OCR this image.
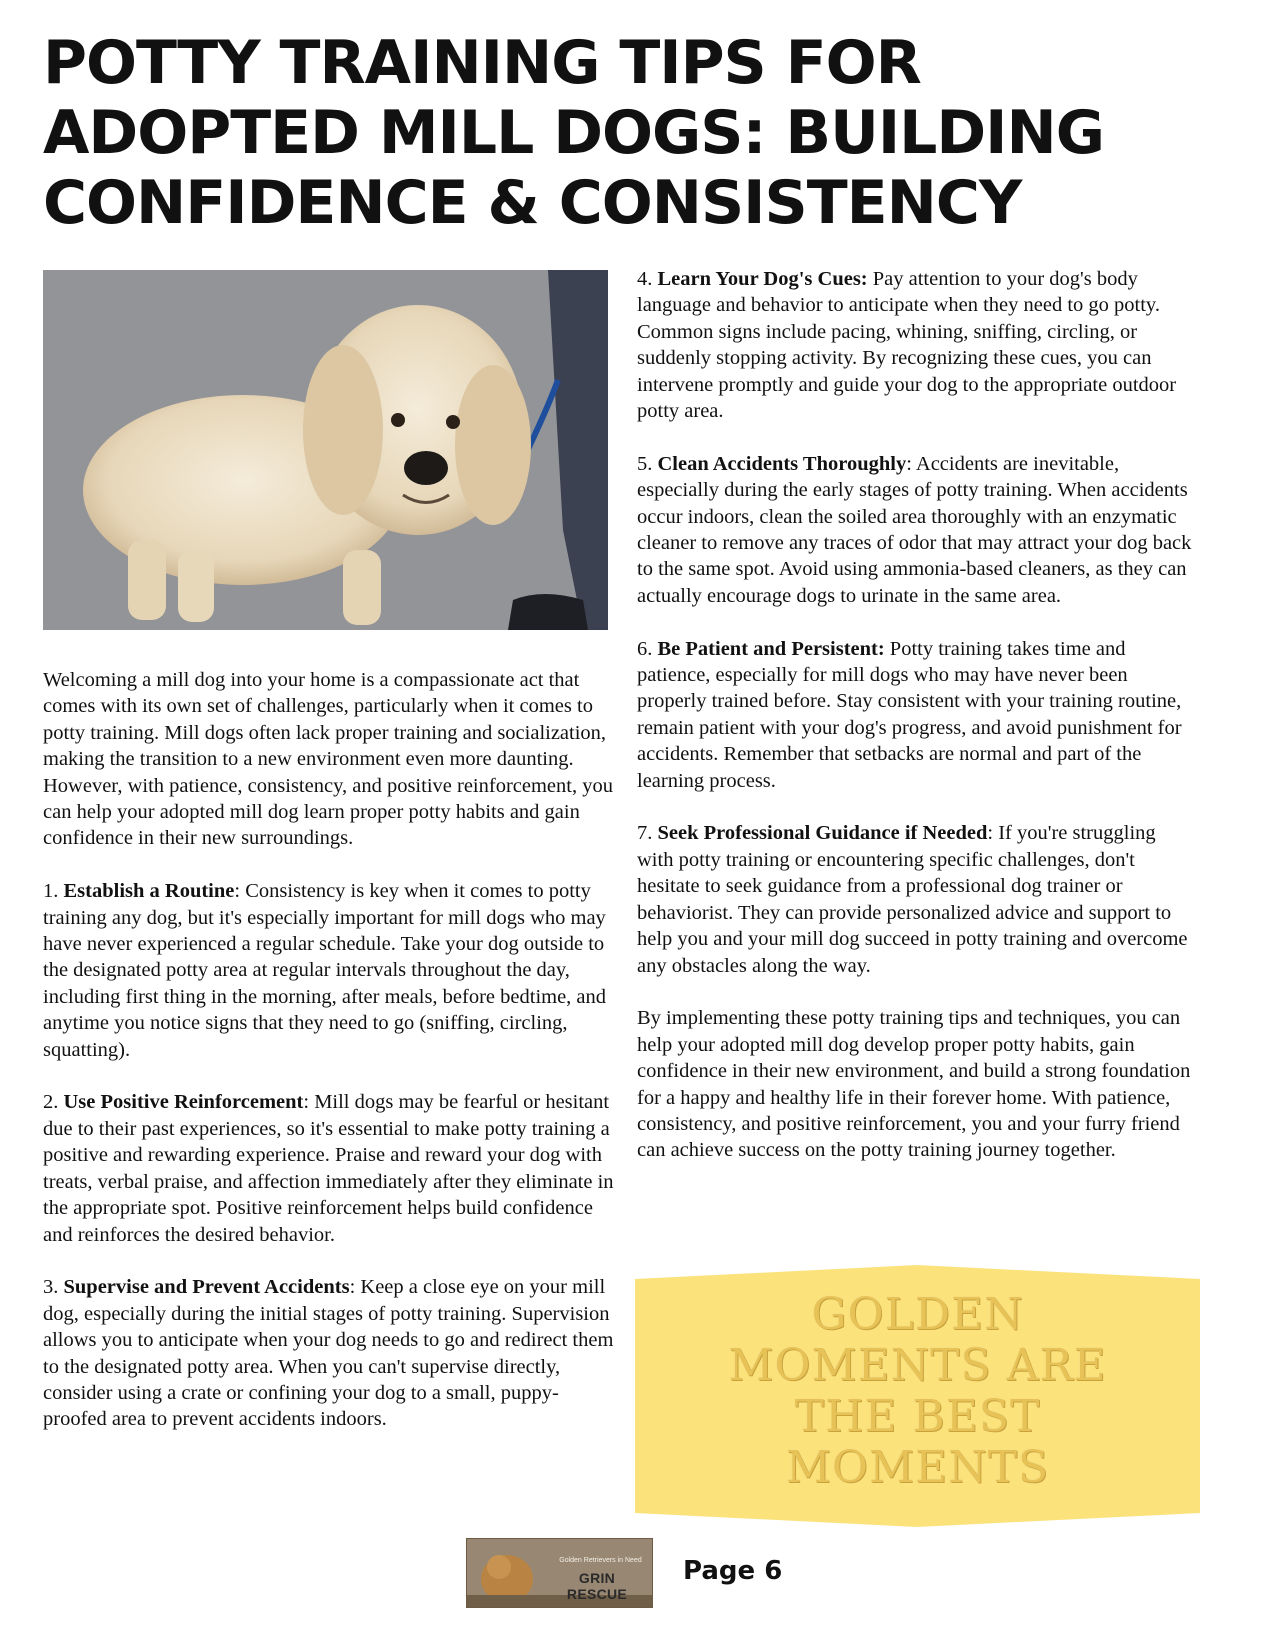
POTTY TRAINING TIPS FOR ADOPTED MILL DOGS: BUILDING CONFIDENCE & CONSISTENCY

Welcoming a mill dog into your home is a compassionate act that comes with its own set of challenges, particularly when it comes to potty training. Mill dogs often lack proper training and socialization, making the transition to a new environment even more daunting. However, with patience, consistency, and positive reinforcement, you can help your adopted mill dog learn proper potty habits and gain confidence in their new surroundings.

1. Establish a Routine: Consistency is key when it comes to potty training any dog, but it's especially important for mill dogs who may have never experienced a regular schedule. Take your dog outside to the designated potty area at regular intervals throughout the day, including first thing in the morning, after meals, before bedtime, and anytime you notice signs that they need to go (sniffing, circling, squatting).

2. Use Positive Reinforcement: Mill dogs may be fearful or hesitant due to their past experiences, so it's essential to make potty training a positive and rewarding experience. Praise and reward your dog with treats, verbal praise, and affection immediately after they eliminate in the appropriate spot. Positive reinforcement helps build confidence and reinforces the desired behavior.

3. Supervise and Prevent Accidents: Keep a close eye on your mill dog, especially during the initial stages of potty training. Supervision allows you to anticipate when your dog needs to go and redirect them to the designated potty area. When you can't supervise directly, consider using a crate or confining your dog to a small, puppy-proofed area to prevent accidents indoors.

4. Learn Your Dog's Cues: Pay attention to your dog's body language and behavior to anticipate when they need to go potty. Common signs include pacing, whining, sniffing, circling, or suddenly stopping activity. By recognizing these cues, you can intervene promptly and guide your dog to the appropriate outdoor potty area.

5. Clean Accidents Thoroughly: Accidents are inevitable, especially during the early stages of potty training. When accidents occur indoors, clean the soiled area thoroughly with an enzymatic cleaner to remove any traces of odor that may attract your dog back to the same spot. Avoid using ammonia-based cleaners, as they can actually encourage dogs to urinate in the same area.

6. Be Patient and Persistent: Potty training takes time and patience, especially for mill dogs who may have never been properly trained before. Stay consistent with your training routine, remain patient with your dog's progress, and avoid punishment for accidents. Remember that setbacks are normal and part of the learning process.

7. Seek Professional Guidance if Needed: If you're struggling with potty training or encountering specific challenges, don't hesitate to seek guidance from a professional dog trainer or behaviorist. They can provide personalized advice and support to help you and your mill dog succeed in potty training and overcome any obstacles along the way.

By implementing these potty training tips and techniques, you can help your adopted mill dog develop proper potty habits, gain confidence in their new environment, and build a strong foundation for a happy and healthy life in their forever home. With patience, consistency, and positive reinforcement, you and your furry friend can achieve success on the potty training journey together.

GOLDEN
MOMENTS ARE
THE BEST
MOMENTS
Golden Retrievers in Need
GRIN RESCUE
Page 6
